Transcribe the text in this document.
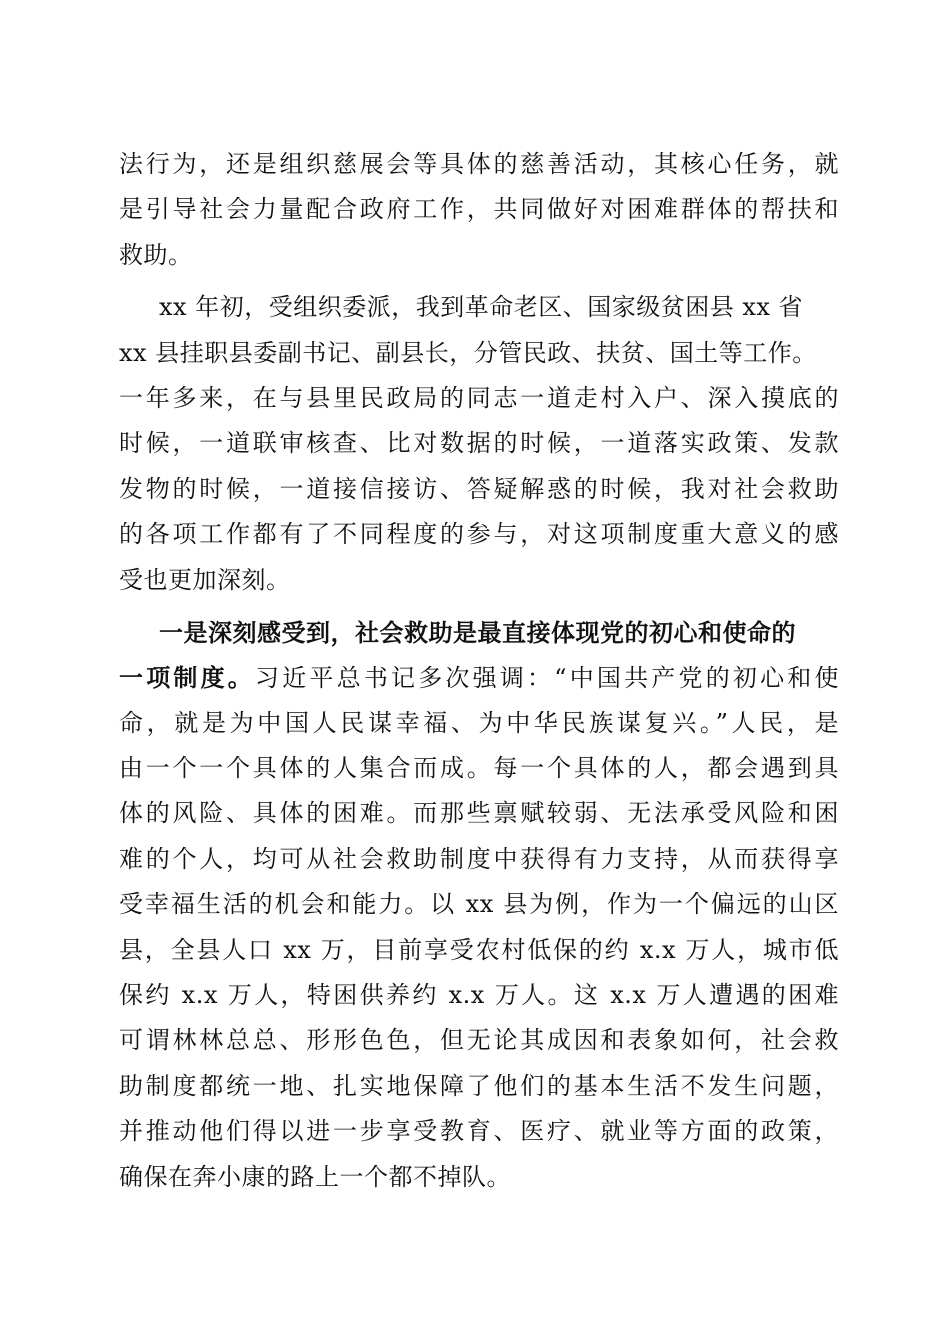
法行为，还是组织慈展会等具体的慈善活动，其核心任务，就
是引导社会力量配合政府工作，共同做好对困难群体的帮扶和
救助。
xx 年初，受组织委派，我到革命老区、国家级贫困县 xx 省
xx 县挂职县委副书记、副县长，分管民政、扶贫、国土等工作。
一年多来，在与县里民政局的同志一道走村入户、深入摸底的
时候，一道联审核查、比对数据的时候，一道落实政策、发款
发物的时候，一道接信接访、答疑解惑的时候，我对社会救助
的各项工作都有了不同程度的参与，对这项制度重大意义的感
受也更加深刻。
一是深刻感受到，社会救助是最直接体现党的初心和使命的
一项制度。习近平总书记多次强调：“中国共产党的初心和使
命，就是为中国人民谋幸福、为中华民族谋复兴。”人民，是
由一个一个具体的人集合而成。每一个具体的人，都会遇到具
体的风险、具体的困难。而那些禀赋较弱、无法承受风险和困
难的个人，均可从社会救助制度中获得有力支持，从而获得享
受幸福生活的机会和能力。以 xx 县为例，作为一个偏远的山区
县，全县人口 xx 万，目前享受农村低保的约 x.x 万人，城市低
保约 x.x 万人，特困供养约 x.x 万人。这 x.x 万人遭遇的困难
可谓林林总总、形形色色，但无论其成因和表象如何，社会救
助制度都统一地、扎实地保障了他们的基本生活不发生问题，
并推动他们得以进一步享受教育、医疗、就业等方面的政策，
确保在奔小康的路上一个都不掉队。
